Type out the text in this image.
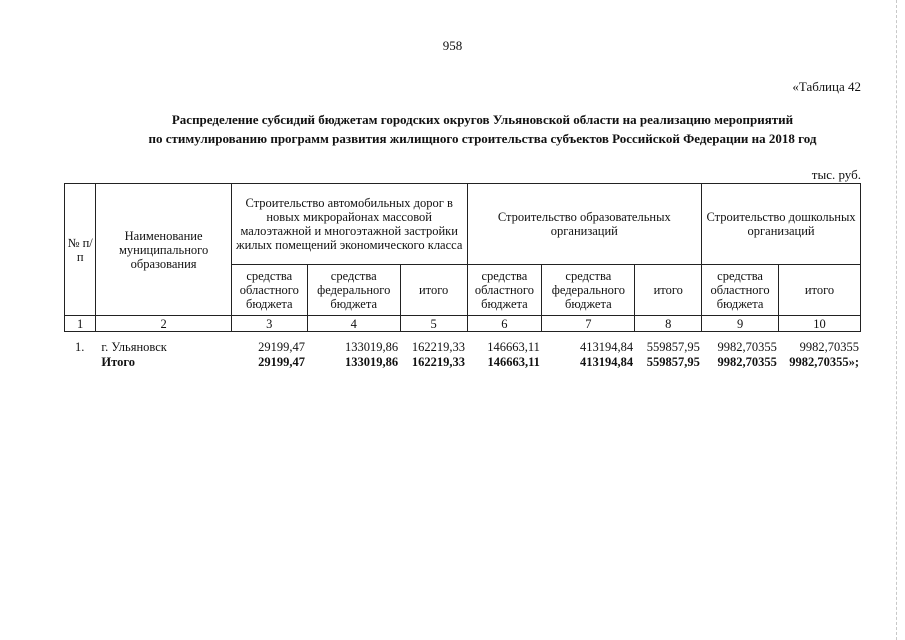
958
«Таблица 42
Распределение субсидий бюджетам городских округов Ульяновской области на реализацию мероприятий
по стимулированию программ развития жилищного строительства субъектов Российской Федерации на 2018 год
тыс. руб.
№ п/п	Наименование муниципального образования	Строительство автомобильных дорог в новых микрорайонах массовой малоэтажной и многоэтажной застройки жилых помещений экономического класса			Строительство образовательных организаций			Строительство дошкольных организаций	
		средства областного бюджета	средства федерального бюджета	итого	средства областного бюджета	средства федерального бюджета	итого	средства областного бюджета	итого
1	2	3	4	5	6	7	8	9	10
1.	г. Ульяновск	29199,47	133019,86	162219,33	146663,11	413194,84	559857,95	9982,70355	9982,70355
	Итого	29199,47	133019,86	162219,33	146663,11	413194,84	559857,95	9982,70355	9982,70355»;
